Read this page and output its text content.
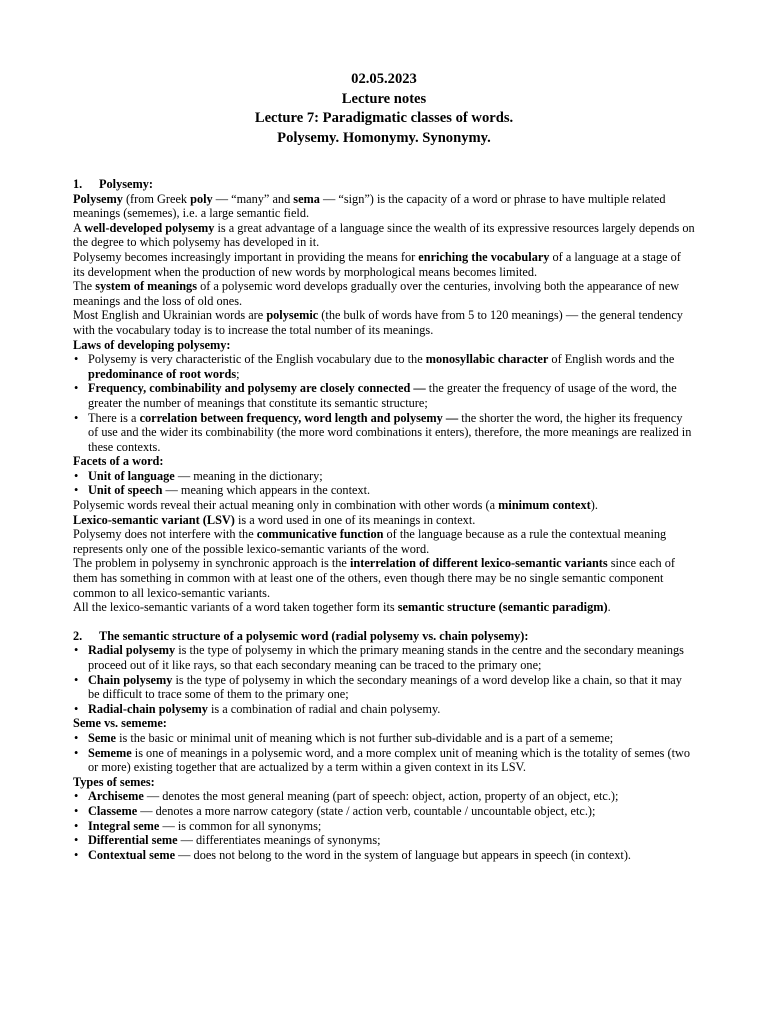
02.05.2023
Lecture notes
Lecture 7: Paradigmatic classes of words.
Polysemy. Homonymy. Synonymy.
1.	Polysemy:
Polysemy (from Greek poly — “many” and sema — “sign”) is the capacity of a word or phrase to have multiple related meanings (sememes), i.e. a large semantic field.
A well-developed polysemy is a great advantage of a language since the wealth of its expressive resources largely depends on the degree to which polysemy has developed in it.
Polysemy becomes increasingly important in providing the means for enriching the vocabulary of a language at a stage of its development when the production of new words by morphological means becomes limited.
The system of meanings of a polysemic word develops gradually over the centuries, involving both the appearance of new meanings and the loss of old ones.
Most English and Ukrainian words are polysemic (the bulk of words have from 5 to 120 meanings) — the general tendency with the vocabulary today is to increase the total number of its meanings.
Laws of developing polysemy:
• Polysemy is very characteristic of the English vocabulary due to the monosyllabic character of English words and the predominance of root words;
• Frequency, combinability and polysemy are closely connected — the greater the frequency of usage of the word, the greater the number of meanings that constitute its semantic structure;
• There is a correlation between frequency, word length and polysemy — the shorter the word, the higher its frequency of use and the wider its combinability (the more word combinations it enters), therefore, the more meanings are realized in these contexts.
Facets of a word:
• Unit of language — meaning in the dictionary;
• Unit of speech — meaning which appears in the context.
Polysemic words reveal their actual meaning only in combination with other words (a minimum context).
Lexico-semantic variant (LSV) is a word used in one of its meanings in context.
Polysemy does not interfere with the communicative function of the language because as a rule the contextual meaning represents only one of the possible lexico-semantic variants of the word.
The problem in polysemy in synchronic approach is the interrelation of different lexico-semantic variants since each of them has something in common with at least one of the others, even though there may be no single semantic component common to all lexico-semantic variants.
All the lexico-semantic variants of a word taken together form its semantic structure (semantic paradigm).
2.	The semantic structure of a polysemic word (radial polysemy vs. chain polysemy):
• Radial polysemy is the type of polysemy in which the primary meaning stands in the centre and the secondary meanings proceed out of it like rays, so that each secondary meaning can be traced to the primary one;
• Chain polysemy is the type of polysemy in which the secondary meanings of a word develop like a chain, so that it may be difficult to trace some of them to the primary one;
• Radial-chain polysemy is a combination of radial and chain polysemy.
Seme vs. sememe:
• Seme is the basic or minimal unit of meaning which is not further sub-dividable and is a part of a sememe;
• Sememe is one of meanings in a polysemic word, and a more complex unit of meaning which is the totality of semes (two or more) existing together that are actualized by a term within a given context in its LSV.
Types of semes:
• Archiseme — denotes the most general meaning (part of speech: object, action, property of an object, etc.);
• Classeme — denotes a more narrow category (state / action verb, countable / uncountable object, etc.);
• Integral seme — is common for all synonyms;
• Differential seme — differentiates meanings of synonyms;
• Contextual seme — does not belong to the word in the system of language but appears in speech (in context).
